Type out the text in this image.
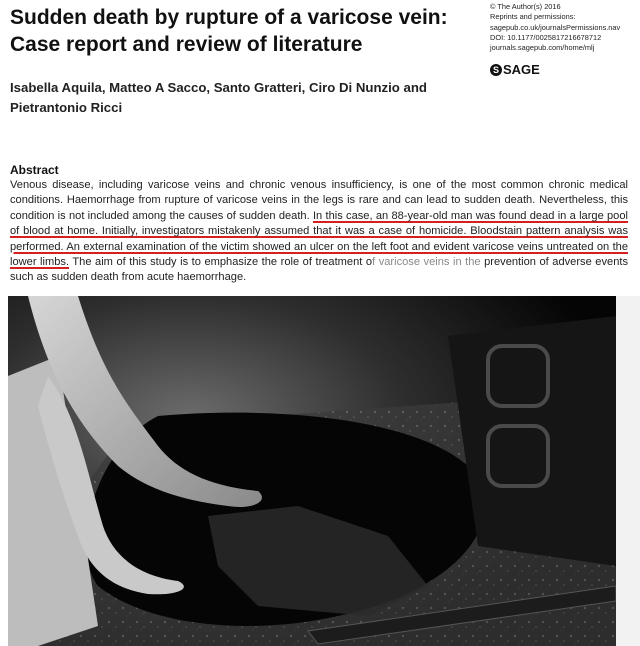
Sudden death by rupture of a varicose vein: Case report and review of literature
© The Author(s) 2016
Reprints and permissions:
sagepub.co.uk/journalsPermissions.nav
DOI: 10.1177/0025817216678712
journals.sagepub.com/home/mlj
S SAGE
Isabella Aquila, Matteo A Sacco, Santo Gratteri, Ciro Di Nunzio and Pietrantonio Ricci
Abstract
Venous disease, including varicose veins and chronic venous insufficiency, is one of the most common chronic medical conditions. Haemorrhage from rupture of varicose veins in the legs is rare and can lead to sudden death. Nevertheless, this condition is not included among the causes of sudden death. In this case, an 88-year-old man was found dead in a large pool of blood at home. Initially, investigators mistakenly assumed that it was a case of homicide. Bloodstain pattern analysis was performed. An external examination of the victim showed an ulcer on the left foot and evident varicose veins untreated on the lower limbs. The aim of this study is to emphasize the role of treatment of varicose veins in the prevention of adverse events such as sudden death from acute haemorrhage.
